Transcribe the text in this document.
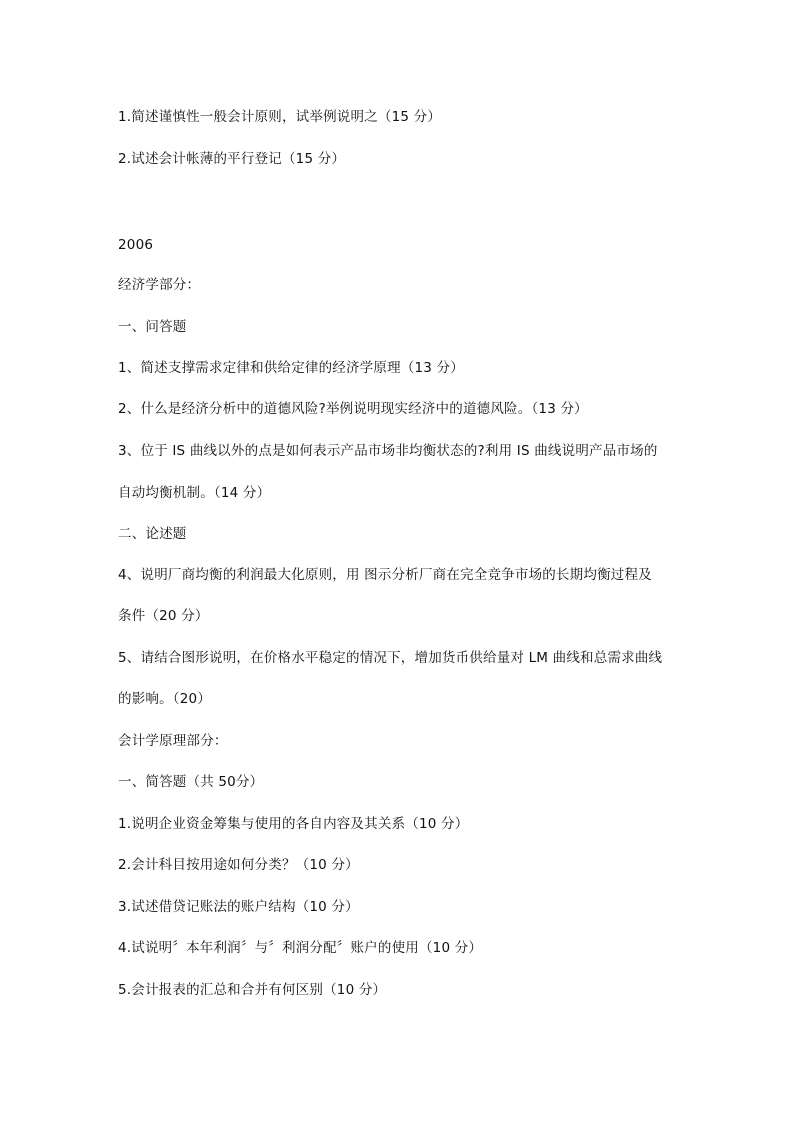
1.简述谨慎性一般会计原则，试举例说明之（15 分）
2.试述会计帐薄的平行登记（15 分）
2006
经济学部分：
一、问答题
1、简述支撑需求定律和供给定律的经济学原理（13 分）
2、什么是经济分析中的道德风险?举例说明现实经济中的道德风险。（13 分）
3、位于 IS 曲线以外的点是如何表示产品市场非均衡状态的?利用 IS 曲线说明产品市场的
自动均衡机制。（14 分）
二、论述题
4、说明厂商均衡的利润最大化原则，用 图示分析厂商在完全竞争市场的长期均衡过程及
条件（20 分）
5、请结合图形说明，在价格水平稳定的情况下，增加货币供给量对 LM 曲线和总需求曲线
的影响。（20）
会计学原理部分：
一、简答题（共 50分）
1.说明企业资金筹集与使用的各自内容及其关系（10 分）
2.会计科目按用途如何分类？（10 分）
3.试述借贷记账法的账户结构（10 分）
4.试说明〞本年利润〞与〞利润分配〞账户的使用（10 分）
5.会计报表的汇总和合并有何区别（10 分）
